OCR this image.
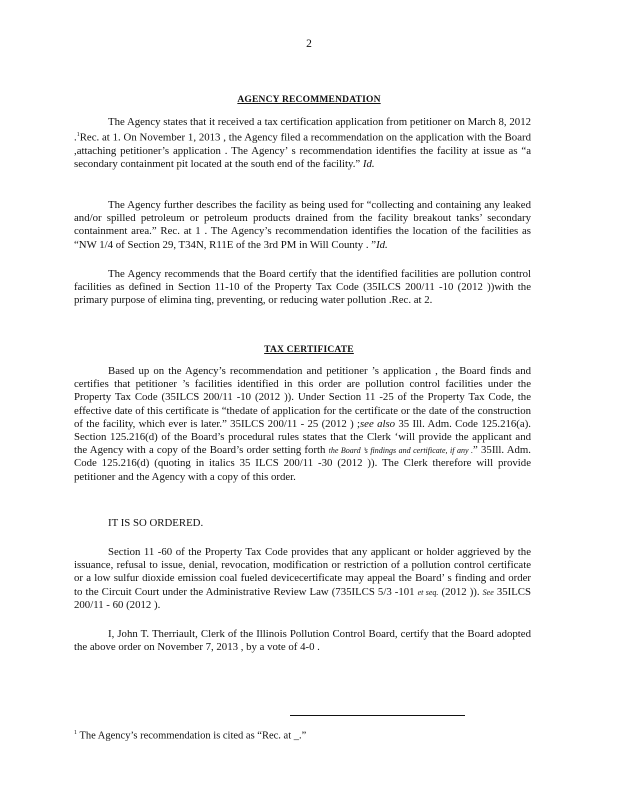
2
AGENCY RECOMMENDATION

The Agency states that it received a tax certification application from petitioner on March 8, 2012 .$^1$Rec. at 1. On November 1, 2013 , the Agency filed a recommendation on the application with the Board ,attaching petitioner’s application . The Agency’ s recommendation identifies the facility at issue as “a secondary containment pit located at the south end of the facility.” Id.

The Agency further describes the facility as being used for “collecting and containing any leaked and/or spilled petroleum or petroleum products drained from the facility breakout tanks’ secondary containment area.” Rec. at 1 . The Agency’s recommendation identifies the location of the facilities as “NW 1/4 of Section 29, T34N, R11E of the 3rd PM in Will County . ”Id.

The Agency recommends that the Board certify that the identified facilities are pollution control facilities as defined in Section 11-10 of the Property Tax Code (35ILCS 200/11 -10 (2012 ))with the primary purpose of elimina ting, preventing, or reducing water pollution .Rec. at 2.

TAX CERTIFICATE

Based up on the Agency’s recommendation and petitioner ’s application , the Board finds and certifies that petitioner ’s facilities identified in this order are pollution control facilities under the Property Tax Code (35ILCS 200/11 -10 (2012 )). Under Section 11 -25 of the Property Tax Code, the effective date of this certificate is “thedate of application for the certificate or the date of the construction of the facility, which ever is later.” 35ILCS 200/11 - 25 (2012 ) ;see also 35 Ill. Adm. Code 125.216(a). Section 125.216(d) of the Board’s procedural rules states that the Clerk ‘will provide the applicant and the Agency with a copy of the Board’s order setting forth the Board ’s findings and certificate, if any .” 35Ill. Adm. Code 125.216(d) (quoting in italics 35 ILCS 200/11 -30 (2012 )). The Clerk therefore will provide petitioner and the Agency with a copy of this order.

IT IS SO ORDERED.

Section 11 -60 of the Property Tax Code provides that any applicant or holder aggrieved by the issuance, refusal to issue, denial, revocation, modification or restriction of a pollution control certificate or a low sulfur dioxide emission coal fueled devicecertificate may appeal the Board’ s finding and order to the Circuit Court under the Administrative Review Law (735ILCS 5/3 -101 et seq. (2012 )). See 35ILCS 200/11 - 60 (2012 ).

I, John T. Therriault, Clerk of the Illinois Pollution Control Board, certify that the Board adopted the above order on November 7, 2013 , by a vote of 4-0 .

$^1$ The Agency’s recommendation is cited as “Rec. at _.”
